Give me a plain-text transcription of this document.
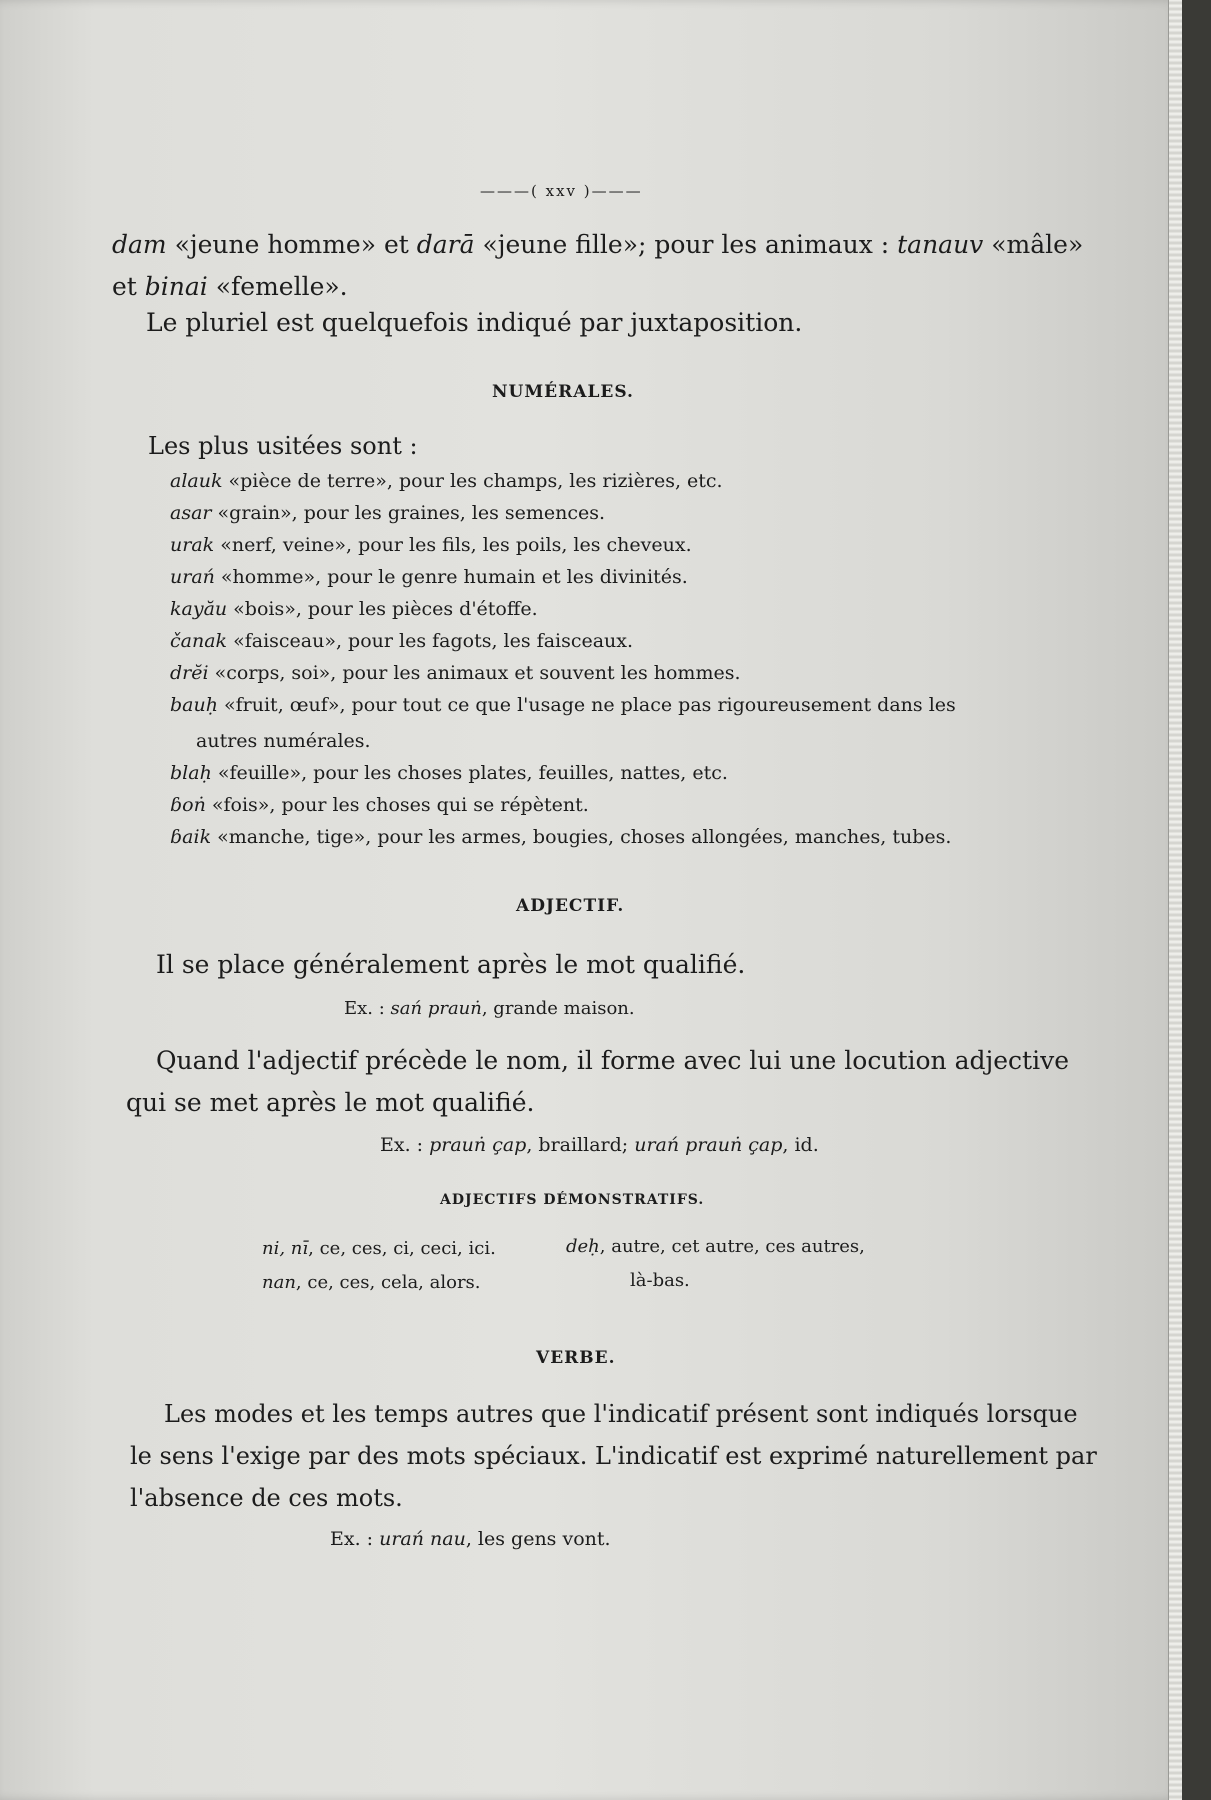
———( xxv )———
dam «jeune homme» et darā «jeune fille»; pour les animaux : tanauv «mâle»
et binai «femelle».
Le pluriel est quelquefois indiqué par juxtaposition.
NUMÉRALES.
Les plus usitées sont :
alauk «pièce de terre», pour les champs, les rizières, etc.
asar «grain», pour les graines, les semences.
urak «nerf, veine», pour les fils, les poils, les cheveux.
urań «homme», pour le genre humain et les divinités.
kayău «bois», pour les pièces d'étoffe.
čanak «faisceau», pour les fagots, les faisceaux.
drĕi «corps, soi», pour les animaux et souvent les hommes.
bauḥ «fruit, œuf», pour tout ce que l'usage ne place pas rigoureusement dans les
autres numérales.
blaḥ «feuille», pour les choses plates, feuilles, nattes, etc.
ɓoṅ «fois», pour les choses qui se répètent.
ɓaik «manche, tige», pour les armes, bougies, choses allongées, manches, tubes.
ADJECTIF.
Il se place généralement après le mot qualifié.
Ex. : sań prauṅ, grande maison.
Quand l'adjectif précède le nom, il forme avec lui une locution adjective
qui se met après le mot qualifié.
Ex. : prauṅ çap, braillard; urań prauṅ çap, id.
ADJECTIFS DÉMONSTRATIFS.
ni, nī, ce, ces, ci, ceci, ici.
nan, ce, ces, cela, alors.
deḥ, autre, cet autre, ces autres,
là-bas.
VERBE.
Les modes et les temps autres que l'indicatif présent sont indiqués lorsque
le sens l'exige par des mots spéciaux. L'indicatif est exprimé naturellement par
l'absence de ces mots.
Ex. : urań nau, les gens vont.
